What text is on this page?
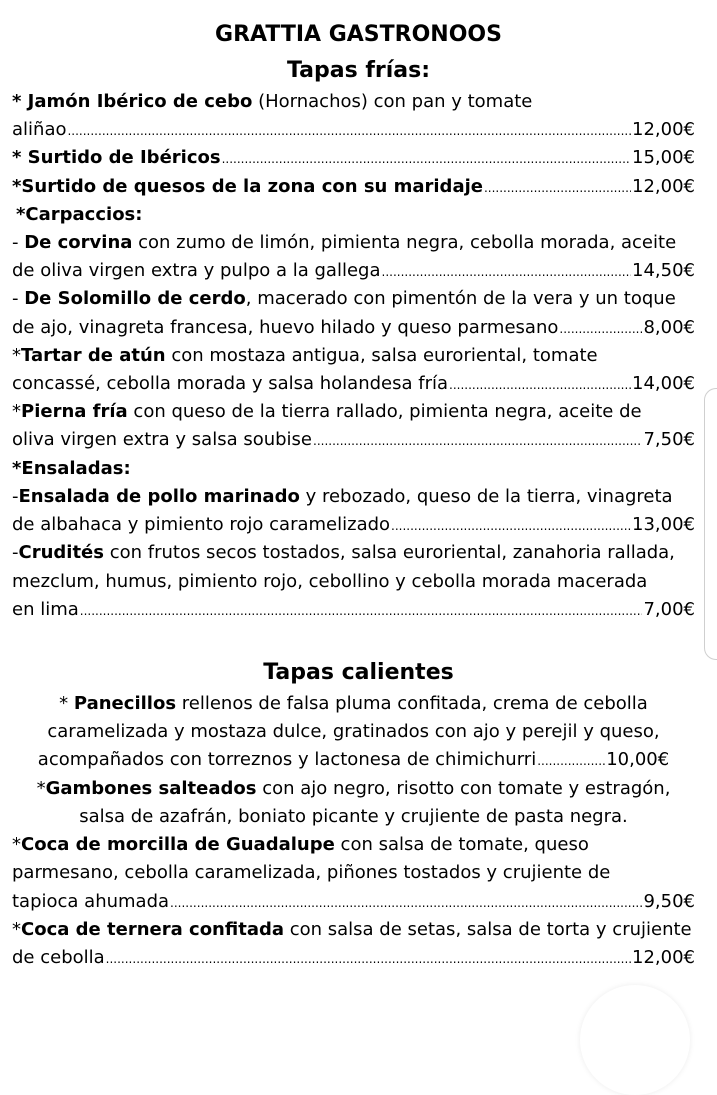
GRATTIA GASTRONOOS
Tapas frías:
* Jamón Ibérico de cebo (Hornachos) con pan y tomate
aliñao .....	12,00€
* Surtido de Ibéricos .....	15,00€
*Surtido de quesos de la zona con su maridaje .....	12,00€
*Carpaccios:
- De corvina con zumo de limón, pimienta negra, cebolla morada, aceite
de oliva virgen extra y pulpo a la gallega .....	14,50€
- De Solomillo de cerdo, macerado con pimentón de la vera y un toque
de ajo, vinagreta francesa, huevo hilado y queso parmesano .....	8,00€
*Tartar de atún con mostaza antigua, salsa euroriental, tomate
concassé, cebolla morada y salsa holandesa fría .....	14,00€
*Pierna fría con queso de la tierra rallado, pimienta negra, aceite de
oliva virgen extra y salsa soubise .....	7,50€
*Ensaladas:
-Ensalada de pollo marinado y rebozado, queso de la tierra, vinagreta
de albahaca y pimiento rojo caramelizado .....	13,00€
-Crudités con frutos secos tostados, salsa euroriental, zanahoria rallada,
mezclum, humus, pimiento rojo, cebollino y cebolla morada macerada
en lima .....	7,00€
Tapas calientes
* Panecillos rellenos de falsa pluma confitada, crema de cebolla
caramelizada y mostaza dulce, gratinados con ajo y perejil y queso,
acompañados con torreznos y lactonesa de chimichurri .....	10,00€
*Gambones salteados con ajo negro, risotto con tomate y estragón,
salsa de azafrán, boniato picante y crujiente de pasta negra.
*Coca de morcilla de Guadalupe con salsa de tomate, queso
parmesano, cebolla caramelizada, piñones tostados y crujiente de
tapioca ahumada .....	9,50€
*Coca de ternera confitada con salsa de setas, salsa de torta y crujiente
de cebolla .....	12,00€
